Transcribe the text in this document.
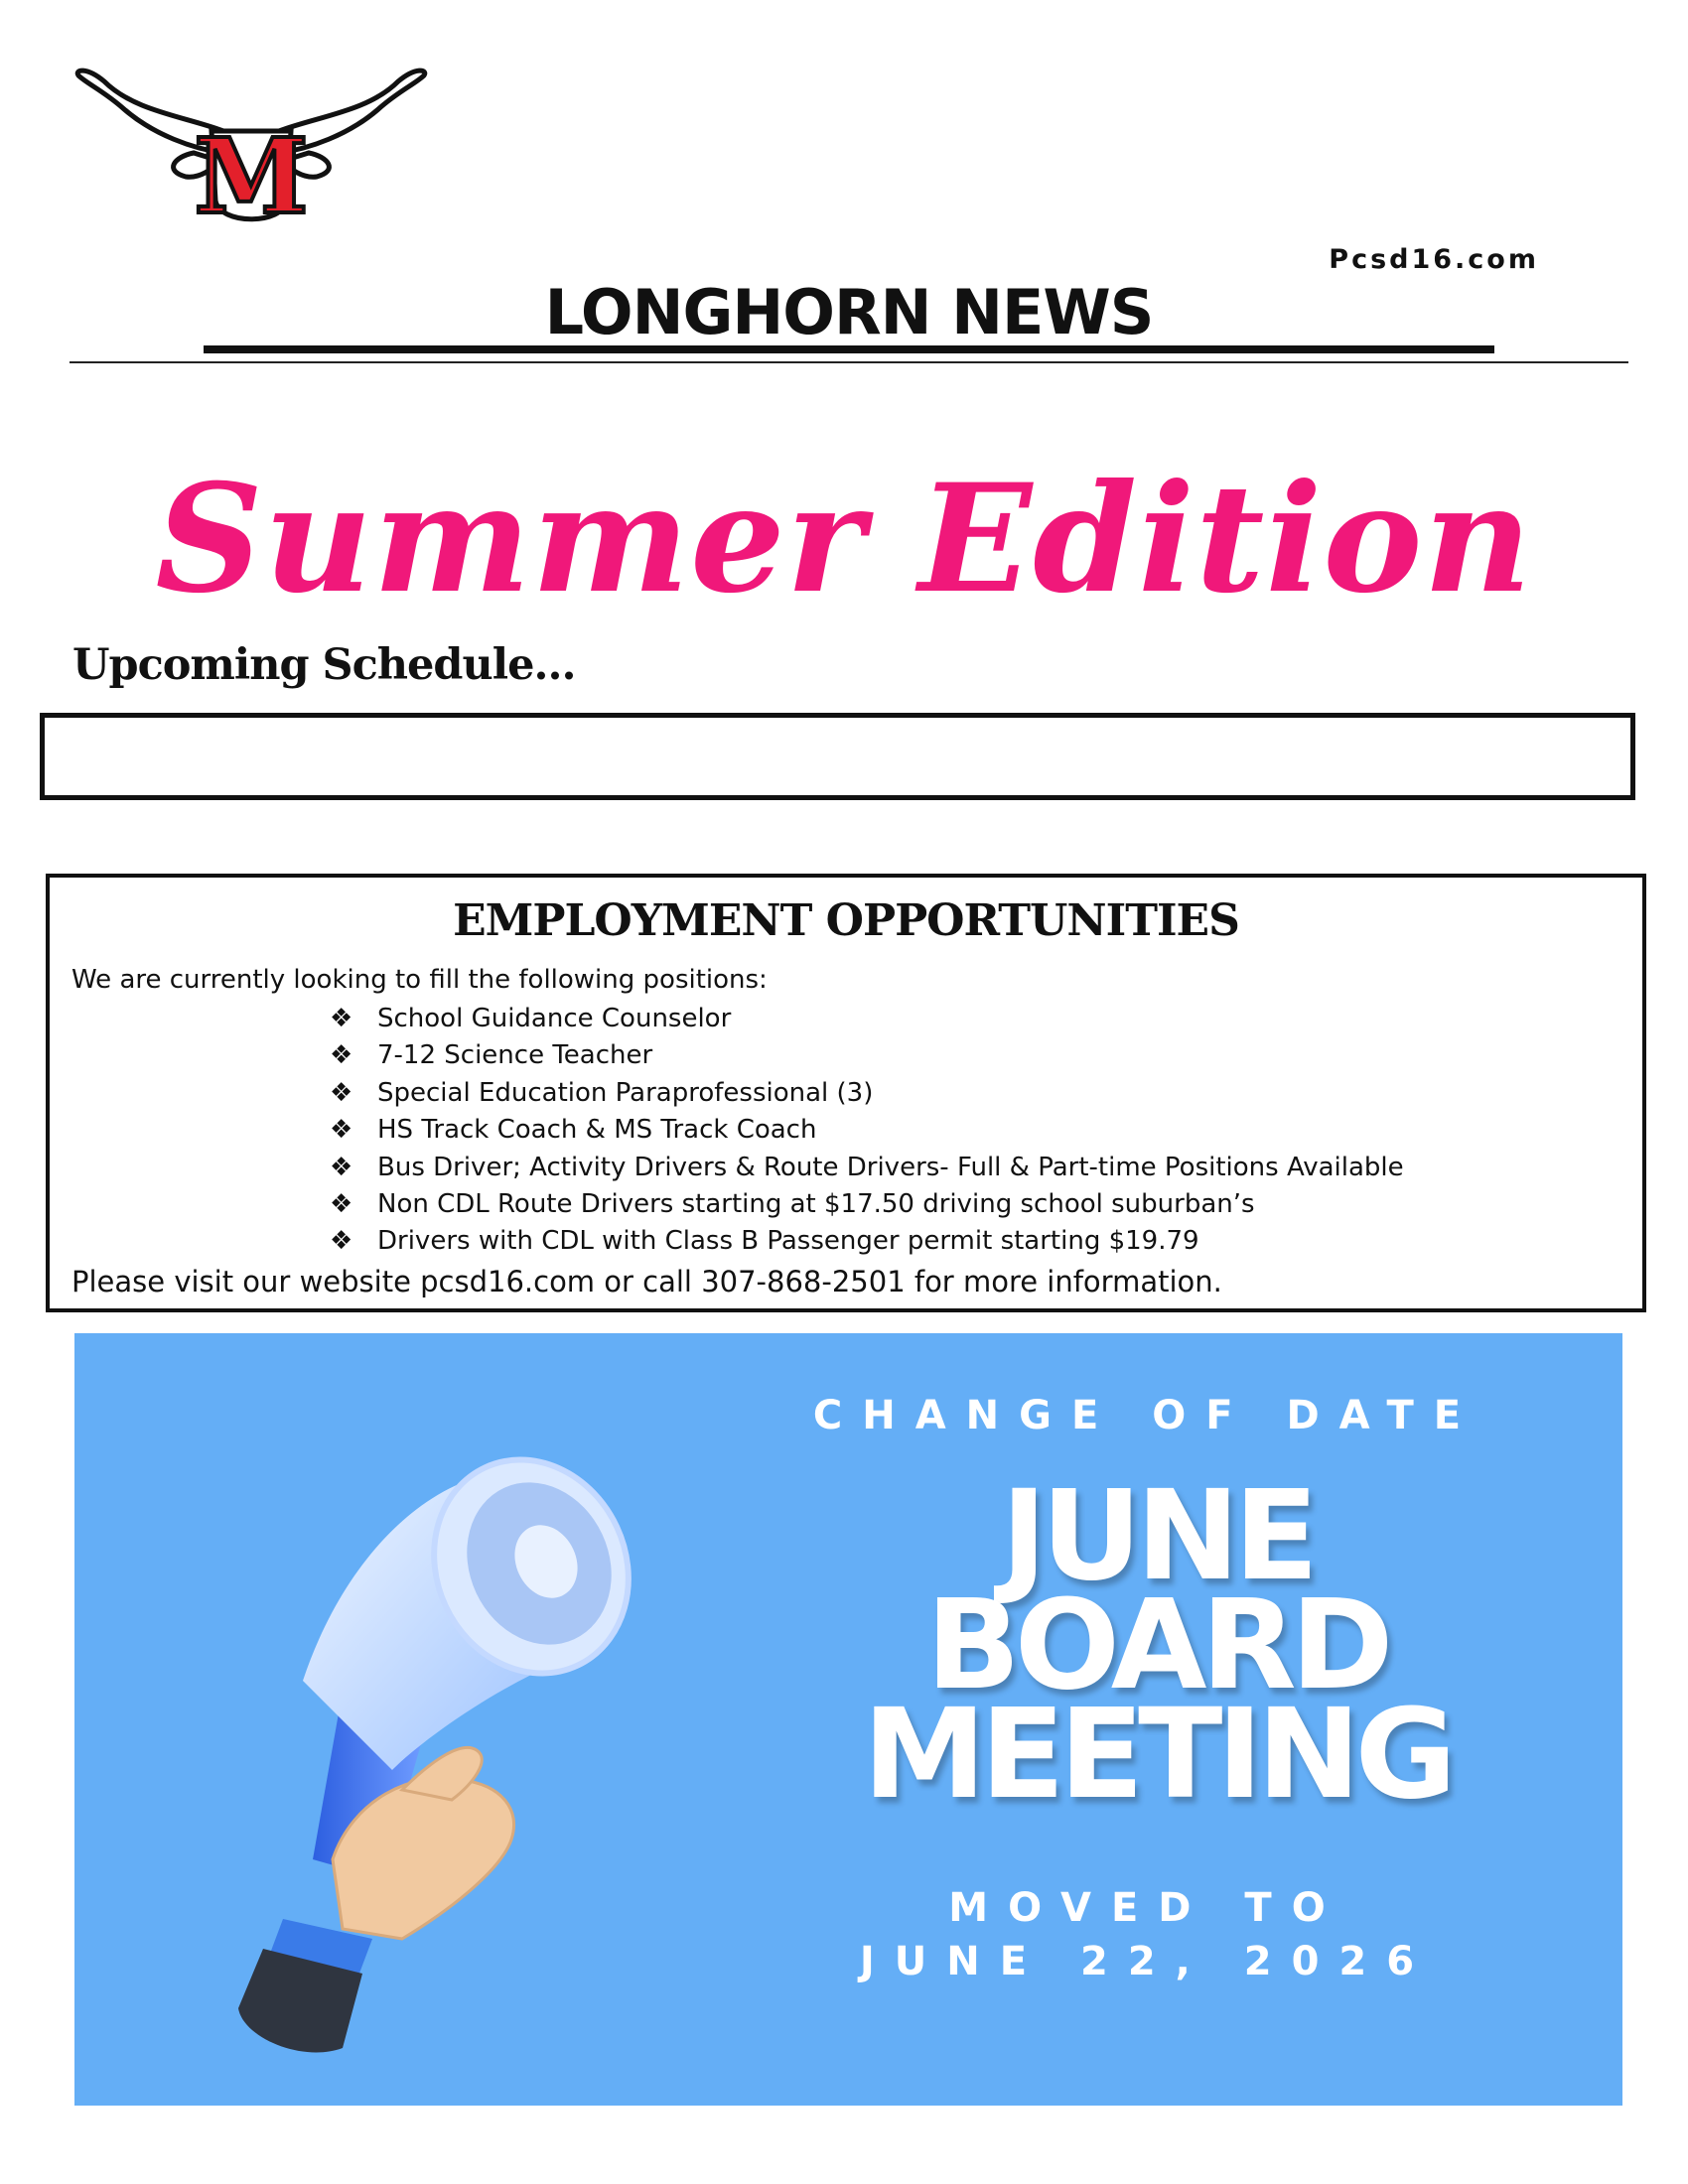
M
Pcsd16.com
LONGHORN NEWS
Summer Edition
Upcoming Schedule…
EMPLOYMENT OPPORTUNITIES
We are currently looking to fill the following positions:
❖ School Guidance Counselor
❖ 7-12 Science Teacher
❖ Special Education Paraprofessional (3)
❖ HS Track Coach & MS Track Coach
❖ Bus Driver; Activity Drivers & Route Drivers- Full & Part-time Positions Available
❖ Non CDL Route Drivers starting at $17.50 driving school suburban’s
❖ Drivers with CDL with Class B Passenger permit starting $19.79
Please visit our website pcsd16.com or call 307-868-2501 for more information.
CHANGE OF DATE
JUNE
BOARD
MEETING
MOVED TO
JUNE 22, 2026
